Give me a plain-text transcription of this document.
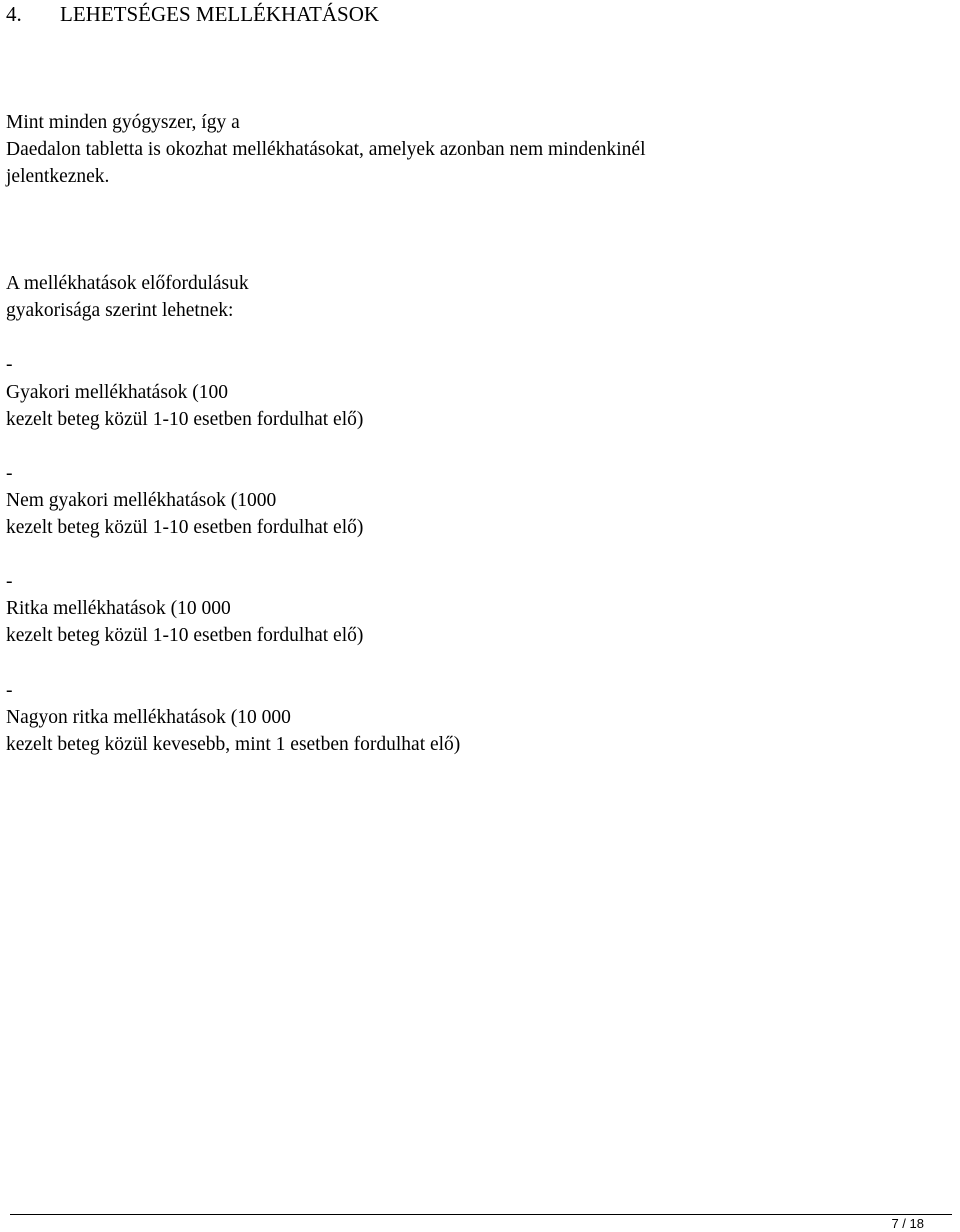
4. LEHETSÉGES MELLÉKHATÁSOK
Mint minden gyógyszer, így a
Daedalon tabletta is okozhat mellékhatásokat, amelyek azonban nem mindenkinél
jelentkeznek.
A mellékhatások előfordulásuk
gyakorisága szerint lehetnek:
-
Gyakori mellékhatások (100
kezelt beteg közül 1-10 esetben fordulhat elő)
-
Nem gyakori mellékhatások (1000
kezelt beteg közül 1-10 esetben fordulhat elő)
-
Ritka mellékhatások (10 000
kezelt beteg közül 1-10 esetben fordulhat elő)
-
Nagyon ritka mellékhatások (10 000
kezelt beteg közül kevesebb, mint 1 esetben fordulhat elő)
7 / 18
